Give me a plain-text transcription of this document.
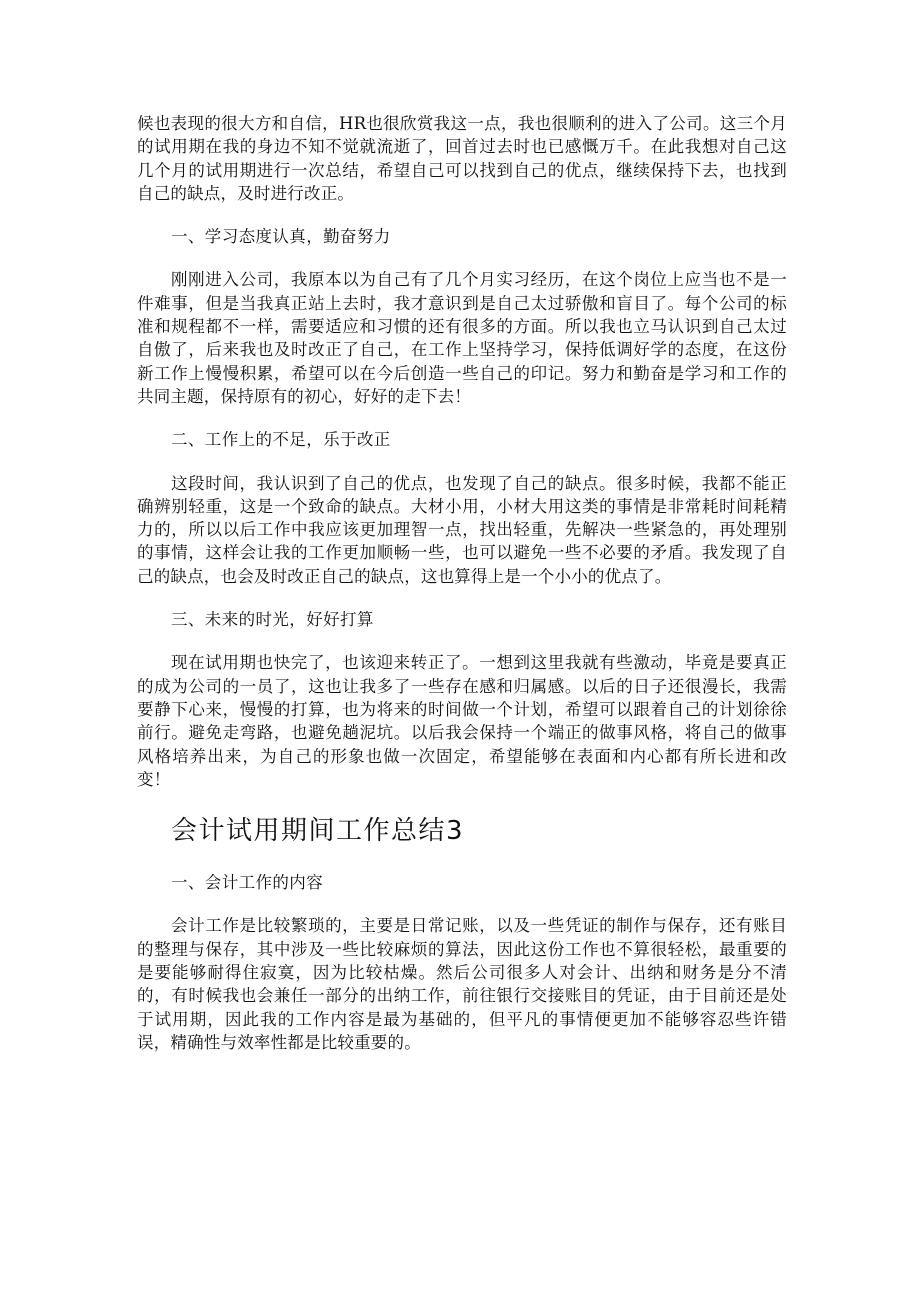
候也表现的很大方和自信，HR也很欣赏我这一点，我也很顺利的进入了公司。这三个月的试用期在我的身边不知不觉就流逝了，回首过去时也已感慨万千。在此我想对自己这几个月的试用期进行一次总结，希望自己可以找到自己的优点，继续保持下去，也找到自己的缺点，及时进行改正。

一、学习态度认真，勤奋努力

刚刚进入公司，我原本以为自己有了几个月实习经历，在这个岗位上应当也不是一件难事，但是当我真正站上去时，我才意识到是自己太过骄傲和盲目了。每个公司的标准和规程都不一样，需要适应和习惯的还有很多的方面。所以我也立马认识到自己太过自傲了，后来我也及时改正了自己，在工作上坚持学习，保持低调好学的态度，在这份新工作上慢慢积累，希望可以在今后创造一些自己的印记。努力和勤奋是学习和工作的共同主题，保持原有的初心，好好的走下去！

二、工作上的不足，乐于改正

这段时间，我认识到了自己的优点，也发现了自己的缺点。很多时候，我都不能正确辨别轻重，这是一个致命的缺点。大材小用，小材大用这类的事情是非常耗时间耗精力的，所以以后工作中我应该更加理智一点，找出轻重，先解决一些紧急的，再处理别的事情，这样会让我的工作更加顺畅一些，也可以避免一些不必要的矛盾。我发现了自己的缺点，也会及时改正自己的缺点，这也算得上是一个小小的优点了。

三、未来的时光，好好打算

现在试用期也快完了，也该迎来转正了。一想到这里我就有些激动，毕竟是要真正的成为公司的一员了，这也让我多了一些存在感和归属感。以后的日子还很漫长，我需要静下心来，慢慢的打算，也为将来的时间做一个计划，希望可以跟着自己的计划徐徐前行。避免走弯路，也避免趟泥坑。以后我会保持一个端正的做事风格，将自己的做事风格培养出来，为自己的形象也做一次固定，希望能够在表面和内心都有所长进和改变！

会计试用期间工作总结3

一、会计工作的内容

会计工作是比较繁琐的，主要是日常记账，以及一些凭证的制作与保存，还有账目的整理与保存，其中涉及一些比较麻烦的算法，因此这份工作也不算很轻松，最重要的是要能够耐得住寂寞，因为比较枯燥。然后公司很多人对会计、出纳和财务是分不清的，有时候我也会兼任一部分的出纳工作，前往银行交接账目的凭证，由于目前还是处于试用期，因此我的工作内容是最为基础的，但平凡的事情便更加不能够容忍些许错误，精确性与效率性都是比较重要的。
